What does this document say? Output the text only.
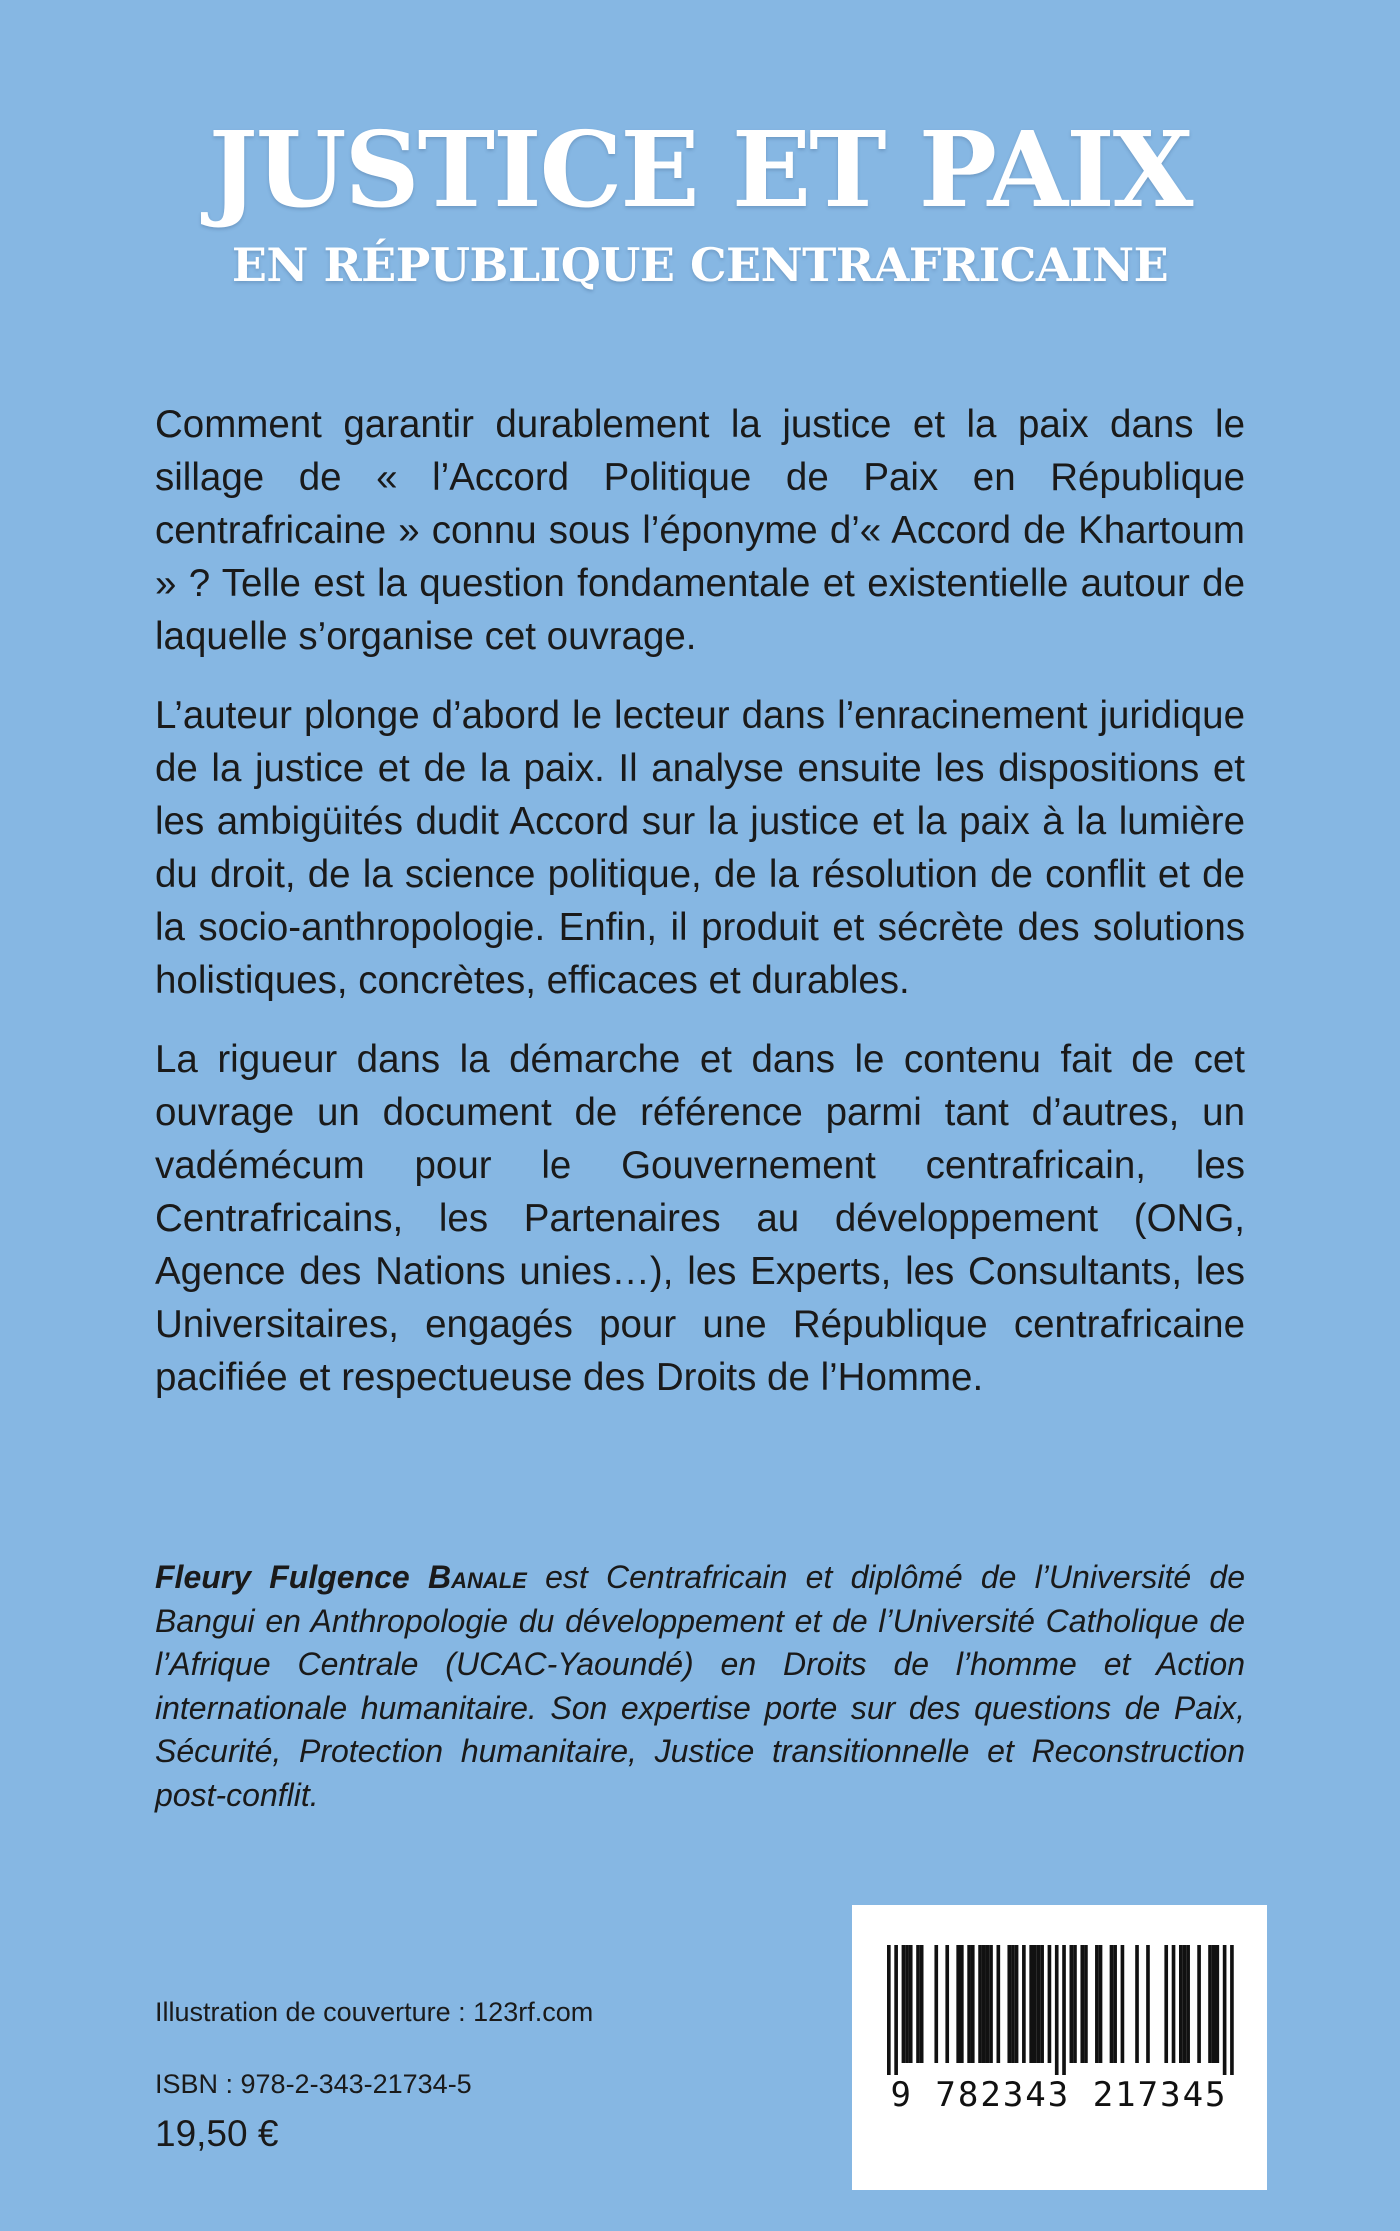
JUSTICE ET PAIX
EN RÉPUBLIQUE CENTRAFRICAINE

Comment garantir durablement la justice et la paix dans le sillage de « l’Accord Politique de Paix en République centrafricaine » connu sous l’éponyme d’« Accord de Khartoum » ? Telle est la question fondamentale et existentielle autour de laquelle s’organise cet ouvrage.

L’auteur plonge d’abord le lecteur dans l’enracinement juridique de la justice et de la paix. Il analyse ensuite les dispositions et les ambigüités dudit Accord sur la justice et la paix à la lumière du droit, de la science politique, de la résolution de conflit et de la socio-anthropologie. Enfin, il produit et sécrète des solutions holistiques, concrètes, efficaces et durables.

La rigueur dans la démarche et dans le contenu fait de cet ouvrage un document de référence parmi tant d’autres, un vadémécum pour le Gouvernement centrafricain, les Centrafricains, les Partenaires au développement (ONG, Agence des Nations unies…), les Experts, les Consultants, les Universitaires, engagés pour une République centrafricaine pacifiée et respectueuse des Droits de l’Homme.

Fleury Fulgence Banale est Centrafricain et diplômé de l’Université de Bangui en Anthropologie du développement et de l’Université Catholique de l’Afrique Centrale (UCAC-Yaoundé) en Droits de l’homme et Action internationale humanitaire. Son expertise porte sur des questions de Paix, Sécurité, Protection humanitaire, Justice transitionnelle et Reconstruction post-conflit.

Illustration de couverture : 123rf.com
ISBN : 978-2-343-21734-5
19,50 €
9 782343 217345
